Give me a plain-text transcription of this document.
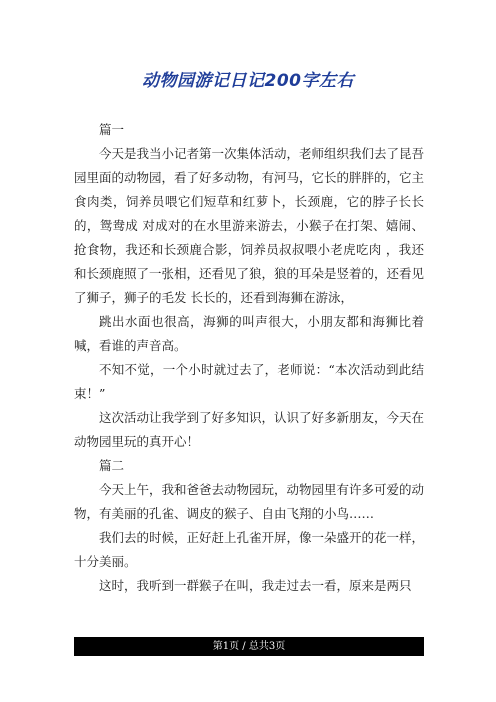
动物园游记日记200字左右

篇一

今天是我当小记者第一次集体活动，老师组织我们去了昆吾园里面的动物园，看了好多动物，有河马，它长的胖胖的，它主食肉类，饲养员喂它们短草和红萝卜，长颈鹿，它的脖子长长的，鸳鸯成 对成对的在水里游来游去，小猴子在打架、嬉闹、抢食物，我还和长颈鹿合影，饲养员叔叔喂小老虎吃肉 ，我还和长颈鹿照了一张相，还看见了狼，狼的耳朵是竖着的，还看见了狮子，狮子的毛发 长长的，还看到海狮在游泳，

跳出水面也很高，海狮的叫声很大，小朋友都和海狮比着喊，看谁的声音高。

不知不觉，一个小时就过去了，老师说：“本次活动到此结束！”

这次活动让我学到了好多知识，认识了好多新朋友，今天在动物园里玩的真开心！

篇二

今天上午，我和爸爸去动物园玩，动物园里有许多可爱的动物，有美丽的孔雀、调皮的猴子、自由飞翔的小鸟……

我们去的时候，正好赶上孔雀开屏，像一朵盛开的花一样，十分美丽。

这时，我听到一群猴子在叫，我走过去一看，原来是两只

第1页 / 总共3页
